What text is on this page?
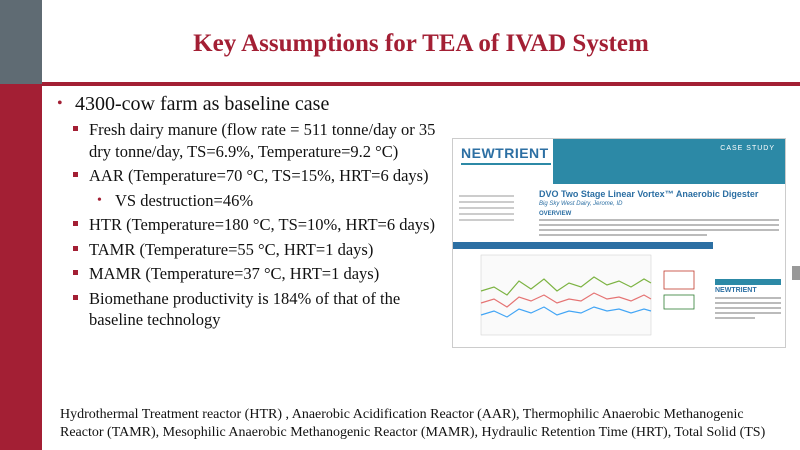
Key Assumptions for TEA of IVAD System
• 4300-cow farm as baseline case
Fresh dairy manure (flow rate = 511 tonne/day or 35 dry tonne/day, TS=6.9%, Temperature=9.2 °C)
AAR (Temperature=70 °C, TS=15%, HRT=6 days)
• VS destruction=46%
HTR (Temperature=180 °C, TS=10%, HRT=6 days)
TAMR (Temperature=55 °C, HRT=1 days)
MAMR (Temperature=37 °C, HRT=1 days)
Biomethane productivity is 184% of that of the baseline technology
CASE STUDY
NEWTRIENT
DVO Two Stage Linear Vortex™ Anaerobic Digester
Big Sky West Dairy, Jerome, ID
OVERVIEW
NEWTRIENT
Hydrothermal Treatment reactor (HTR) , Anaerobic Acidification Reactor (AAR), Thermophilic Anaerobic Methanogenic Reactor (TAMR), Mesophilic Anaerobic Methanogenic Reactor (MAMR), Hydraulic Retention Time (HRT), Total Solid (TS)
